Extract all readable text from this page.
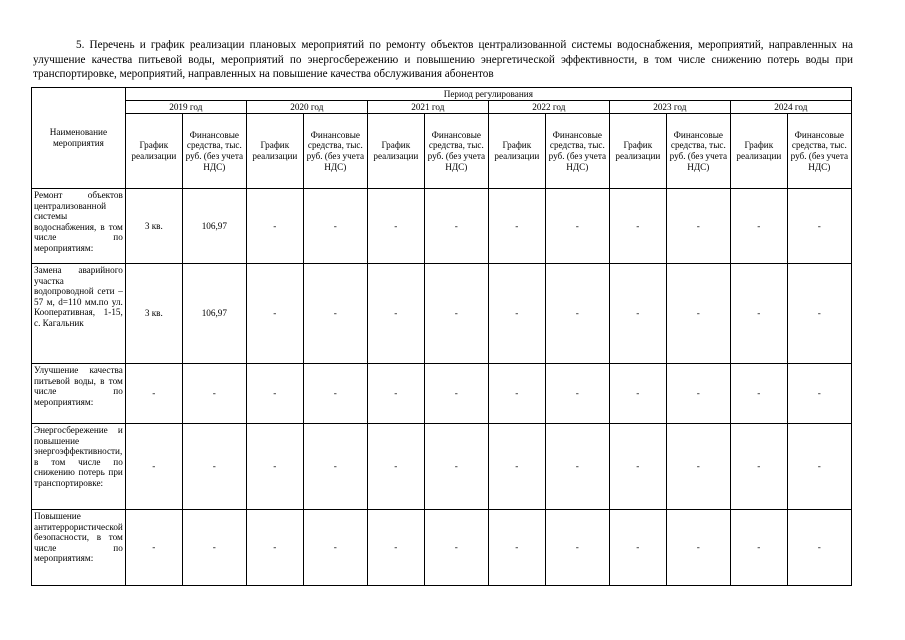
5. Перечень и график реализации плановых мероприятий по ремонту объектов централизованной системы водоснабжения, мероприятий, направленных на улучшение качества питьевой воды, мероприятий по энергосбережению и повышению энергетической эффективности, в том числе снижению потерь воды при транспортировке, мероприятий, направленных на повышение качества обслуживания абонентов
Наименование мероприятия	Период регулирования											
	2019 год		2020 год		2021 год		2022 год		2023 год		2024 год	
	График реализации	Финансовые средства, тыс. руб. (без учета НДС)	График реализации	Финансовые средства, тыс. руб. (без учета НДС)	График реализации	Финансовые средства, тыс. руб. (без учета НДС)	График реализации	Финансовые средства, тыс. руб. (без учета НДС)	График реализации	Финансовые средства, тыс. руб. (без учета НДС)	График реализации	Финансовые средства, тыс. руб. (без учета НДС)
Ремонт объектов централизованной системы водоснабжения, в том числе по мероприятиям:	3 кв.	106,97	-	-	-	-	-	-	-	-	-	-
Замена аварийного участка водопроводной сети – 57 м, d=110 мм.по ул. Кооперативная, 1-15, с. Кагальник	3 кв.	106,97	-	-	-	-	-	-	-	-	-	-
Улучшение качества питьевой воды, в том числе по мероприятиям:	-	-	-	-	-	-	-	-	-	-	-	-
Энергосбережение и повышение энергоэффективности, в том числе по снижению потерь при транспортировке:	-	-	-	-	-	-	-	-	-	-	-	-
Повышение антитеррористической безопасности, в том числе по мероприятиям:	-	-	-	-	-	-	-	-	-	-	-	-
